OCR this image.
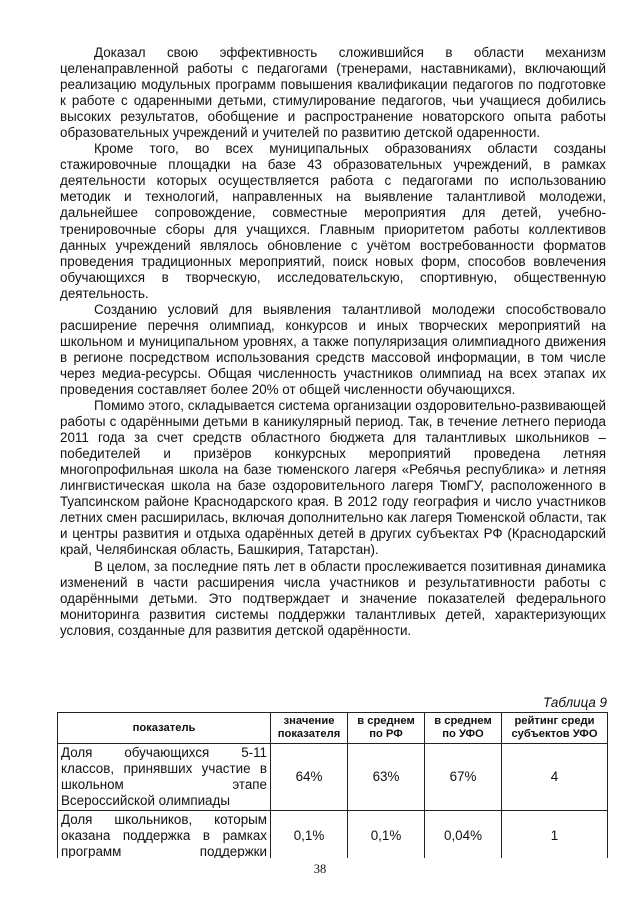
Доказал свою эффективность сложившийся в области механизм целенаправленной работы с педагогами (тренерами, наставниками), включающий реализацию модульных программ повышения квалификации педагогов по подготовке к работе с одаренными детьми, стимулирование педагогов, чьи учащиеся добились высоких результатов, обобщение и распространение новаторского опыта работы образовательных учреждений и учителей по развитию детской одаренности.

Кроме того, во всех муниципальных образованиях области созданы стажировочные площадки на базе 43 образовательных учреждений, в рамках деятельности которых осуществляется работа с педагогами по использованию методик и технологий, направленных на выявление талантливой молодежи, дальнейшее сопровождение, совместные мероприятия для детей, учебно-тренировочные сборы для учащихся. Главным приоритетом работы коллективов данных учреждений являлось обновление с учётом востребованности форматов проведения традиционных мероприятий, поиск новых форм, способов вовлечения обучающихся в творческую, исследовательскую, спортивную, общественную деятельность.

Созданию условий для выявления талантливой молодежи способствовало расширение перечня олимпиад, конкурсов и иных творческих мероприятий на школьном и муниципальном уровнях, а также популяризация олимпиадного движения в регионе посредством использования средств массовой информации, в том числе через медиа-ресурсы. Общая численность участников олимпиад на всех этапах их проведения составляет более 20% от общей численности обучающихся.

Помимо этого, складывается система организации оздоровительно-развивающей работы с одарёнными детьми в каникулярный период. Так, в течение летнего периода 2011 года за счет средств областного бюджета для талантливых школьников – победителей и призёров конкурсных мероприятий проведена летняя многопрофильная школа на базе тюменского лагеря «Ребячья республика» и летняя лингвистическая школа на базе оздоровительного лагеря ТюмГУ, расположенного в Туапсинском районе Краснодарского края. В 2012 году география и число участников летних смен расширилась, включая дополнительно как лагеря Тюменской области, так и центры развития и отдыха одарённых детей в других субъектах РФ (Краснодарский край, Челябинская область, Башкирия, Татарстан).

В целом, за последние пять лет в области прослеживается позитивная динамика изменений в части расширения числа участников и результативности работы с одарёнными детьми. Это подтверждает и значение показателей федерального мониторинга развития системы поддержки талантливых детей, характеризующих условия, созданные для развития детской одарённости.

Таблица 9
показатель	значение показателя	в среднем по РФ	в среднем по УФО	рейтинг среди субъектов УФО
Доля обучающихся 5-11 классов, принявших участие в школьном этапе
Всероссийской олимпиады	64%	63%	67%	4
Доля школьников, которым оказана поддержка в рамках программ поддержки	0,1%	0,1%	0,04%	1
38
